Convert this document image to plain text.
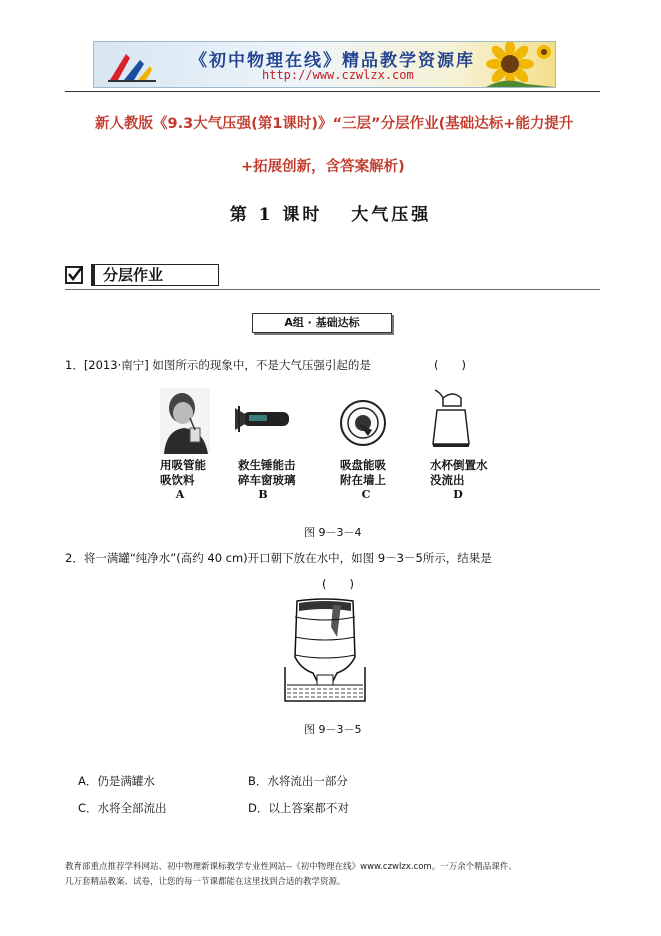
《初中物理在线》精品教学资源库
http://www.czwlzx.com
新人教版《9.3大气压强(第1课时)》“三层”分层作业(基础达标+能力提升
+拓展创新，含答案解析)
第 1 课时　 大气压强
分层作业
A组 · 基础达标
1．[2013·南宁] 如图所示的现象中，不是大气压强引起的是	(　　)
用吸管能
吸饮料
救生锤能击
碎车窗玻璃
吸盘能吸
附在墙上
水杯倒置水
没流出
A	B	C	D
图 9－3－4
2．将一满罐“纯净水”(高约 40 cm)开口朝下放在水中，如图 9－3－5所示，结果是
(　　)
图 9－3－5
A．仍是满罐水	B．水将流出一部分
C．水将全部流出	D．以上答案都不对
教育部重点推荐学科网站、初中物理新课标教学专业性网站--《初中物理在线》www.czwlzx.com。一万余个精品课件、
几万套精品教案、试卷，让您的每一节课都能在这里找到合适的教学资源。
